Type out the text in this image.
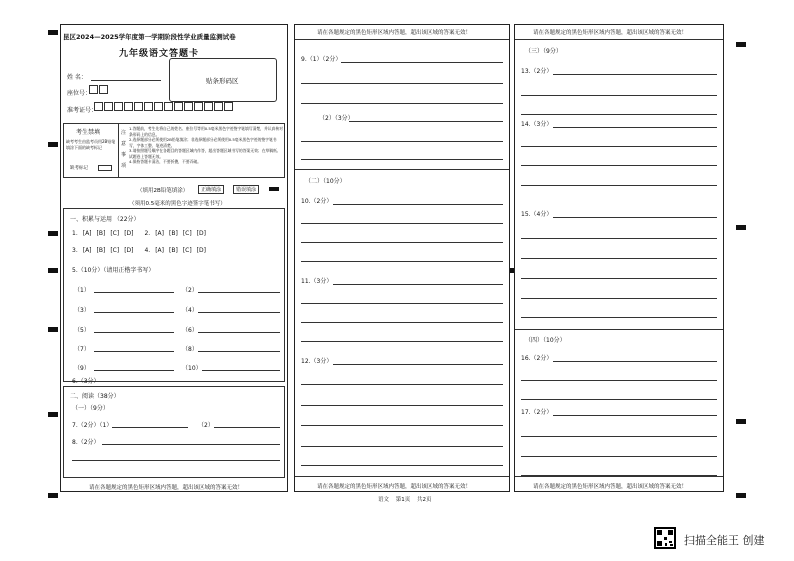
昆区2024—2025学年度第一学期阶段性学业质量监测试卷
九年级语文答题卡
姓 名：
座位号：
准考证号：
贴条形码区
考生禁填
缺考考生由监考员用2B铅笔填涂下面的缺考标记
缺考标记
注意事项
1.答题前，考生先将自己的姓名、座位号等用0.5毫米黑色字迹签字笔填写清楚，并认真核对条形码上的信息。
2.选择题部分必须使用2B铅笔填涂；非选择题部分必须使用0.5毫米黑色字迹的签字笔书写，字体工整、笔迹清楚。
3.请按照题号顺序在各题目的答题区域内作答，超出答题区域书写的答案无效；在草稿纸、试题卷上答题无效。
4.保持答题卡清洁，不要折叠，不要弄破。
（填用2B铅笔填涂）	正确填涂	错误填涂
（须用0.5毫米的黑色字迹签字笔书写）
一、积累与运用 （22分）
1. [A] [B] [C] [D] 2. [A] [B] [C] [D]
3. [A] [B] [C] [D] 4. [A] [B] [C] [D]
5.（10分）（请用正楷字书写）
（1）	（2）
（3）	（4）
（5）	（6）
（7）	（8）
（9）	（10）
6.（3分）
二、阅读（38分）
（一）（9分）
7.（2分）（1）	（2）
8.（2分）
请在各题规定的黑色矩形区域内答题，超出该区域的答案无效！
请在各题规定的黑色矩形区域内答题，超出该区域的答案无效！
9.（1）（2分）
（2）（3分）
（二）（10分）
10.（2分）
11.（3分）
12.（3分）
请在各题规定的黑色矩形区域内答题，超出该区域的答案无效！
请在各题规定的黑色矩形区域内答题，超出该区域的答案无效！
（三）（9分）
13.（2分）
14.（3分）
15.（4分）
（四）（10分）
16.（2分）
17.（2分）
请在各题规定的黑色矩形区域内答题，超出该区域的答案无效！
语文 第1页 共2页
扫描全能王 创建
